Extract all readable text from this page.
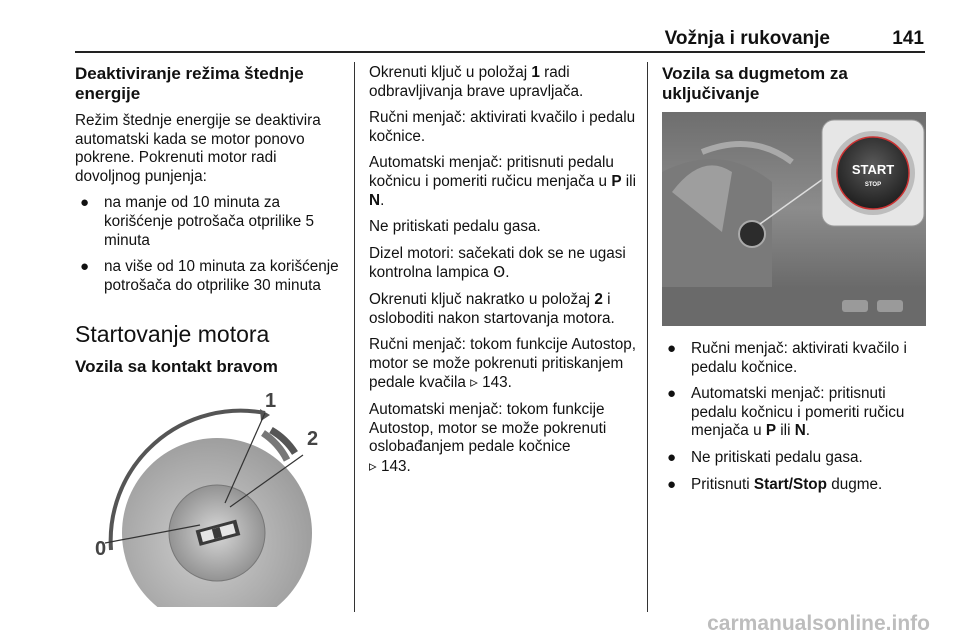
Vožnja i rukovanje	141
Deaktiviranje režima štednje energije

Režim štednje energije se deaktivira automatski kada se motor ponovo pokrene. Pokrenuti motor radi dovoljnog punjenja:

● na manje od 10 minuta za korišćenje potrošača otprilike 5 minuta
● na više od 10 minuta za korišćenje potrošača do otprilike 30 minuta
Startovanje motora
Vozila sa kontakt bravom
0
1
2

Okrenuti ključ u položaj 1 radi odbravljivanja brave upravljača.

Ručni menjač: aktivirati kvačilo i pedalu kočnice.

Automatski menjač: pritisnuti pedalu kočnicu i pomeriti ručicu menjača u P ili N.

Ne pritiskati pedalu gasa.

Dizel motori: sačekati dok se ne ugasi kontrolna lampica Ꙩ.

Okrenuti ključ nakratko u položaj 2 i osloboditi nakon startovanja motora.

Ručni menjač: tokom funkcije Autostop, motor se može pokrenuti pritiskanjem pedale kvačila ▹ 143.

Automatski menjač: tokom funkcije Autostop, motor se može pokrenuti oslobađanjem pedale kočnice
▹ 143.

Vozila sa dugmetom za uključivanje
START
STOP
● Ručni menjač: aktivirati kvačilo i pedalu kočnice.
● Automatski menjač: pritisnuti pedalu kočnicu i pomeriti ručicu menjača u P ili N.
● Ne pritiskati pedalu gasa.
● Pritisnuti Start/Stop dugme.
carmanualsonline.info
